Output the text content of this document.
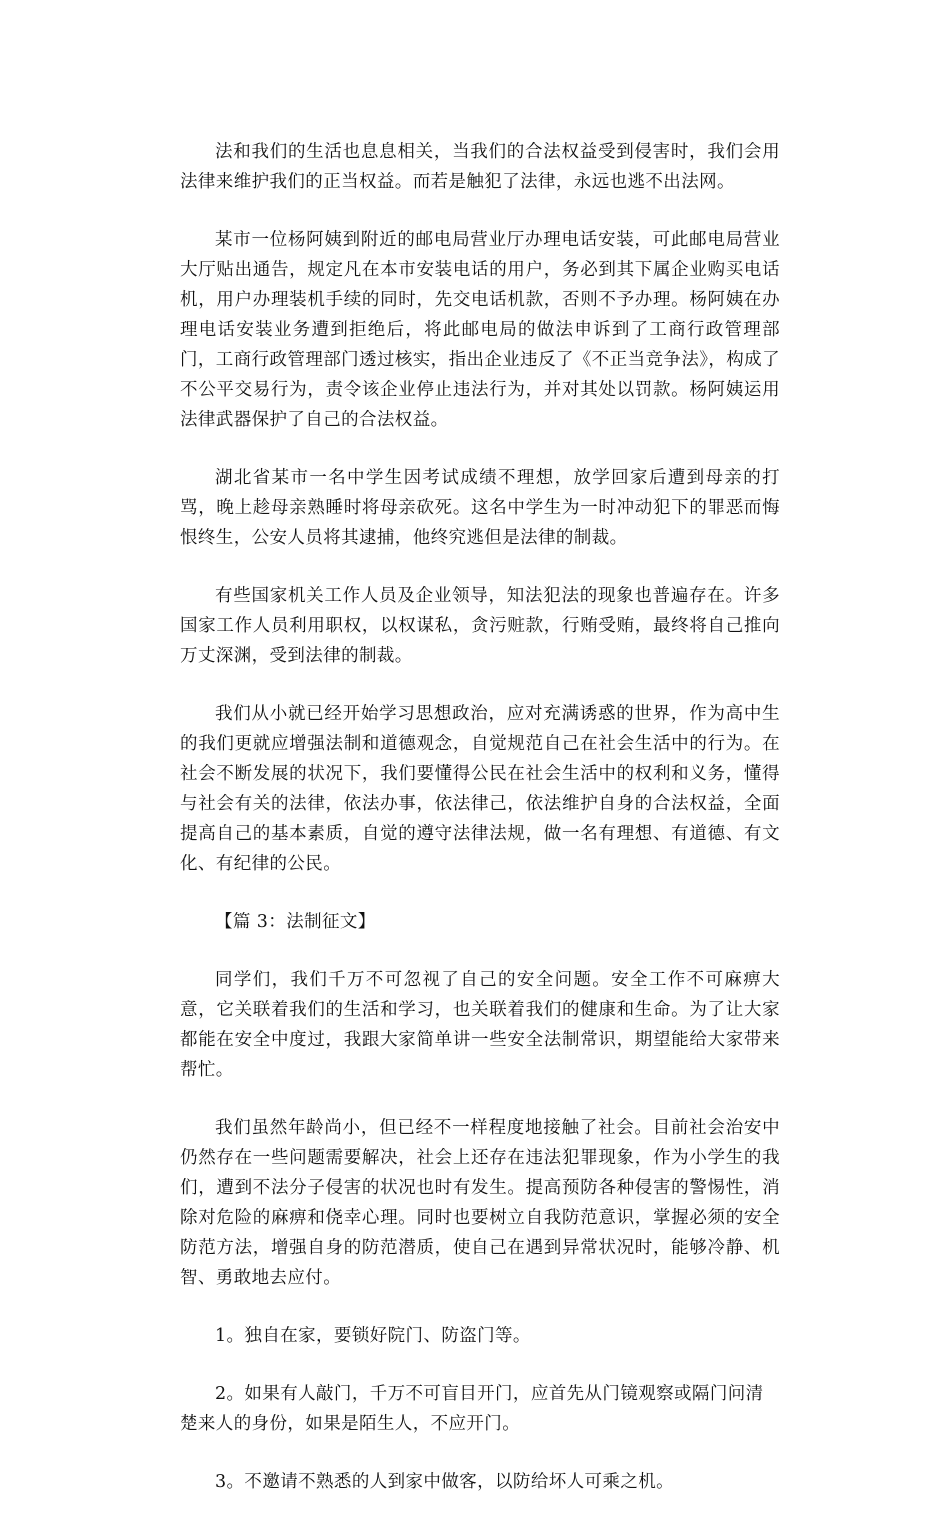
法和我们的生活也息息相关，当我们的合法权益受到侵害时，我们会用法律来维护我们的正当权益。而若是触犯了法律，永远也逃不出法网。

某市一位杨阿姨到附近的邮电局营业厅办理电话安装，可此邮电局营业大厅贴出通告，规定凡在本市安装电话的用户，务必到其下属企业购买电话机，用户办理装机手续的同时，先交电话机款，否则不予办理。杨阿姨在办理电话安装业务遭到拒绝后，将此邮电局的做法申诉到了工商行政管理部门，工商行政管理部门透过核实，指出企业违反了《不正当竞争法》，构成了不公平交易行为，责令该企业停止违法行为，并对其处以罚款。杨阿姨运用法律武器保护了自己的合法权益。

湖北省某市一名中学生因考试成绩不理想，放学回家后遭到母亲的打骂，晚上趁母亲熟睡时将母亲砍死。这名中学生为一时冲动犯下的罪恶而悔恨终生，公安人员将其逮捕，他终究逃但是法律的制裁。

有些国家机关工作人员及企业领导，知法犯法的现象也普遍存在。许多国家工作人员利用职权，以权谋私，贪污赃款，行贿受贿，最终将自己推向万丈深渊，受到法律的制裁。

我们从小就已经开始学习思想政治，应对充满诱惑的世界，作为高中生的我们更就应增强法制和道德观念，自觉规范自己在社会生活中的行为。在社会不断发展的状况下，我们要懂得公民在社会生活中的权利和义务，懂得与社会有关的法律，依法办事，依法律己，依法维护自身的合法权益，全面提高自己的基本素质，自觉的遵守法律法规，做一名有理想、有道德、有文化、有纪律的公民。

【篇 3：法制征文】

同学们，我们千万不可忽视了自己的安全问题。安全工作不可麻痹大意，它关联着我们的生活和学习，也关联着我们的健康和生命。为了让大家都能在安全中度过，我跟大家简单讲一些安全法制常识，期望能给大家带来帮忙。

我们虽然年龄尚小，但已经不一样程度地接触了社会。目前社会治安中仍然存在一些问题需要解决，社会上还存在违法犯罪现象，作为小学生的我们，遭到不法分子侵害的状况也时有发生。提高预防各种侵害的警惕性，消除对危险的麻痹和侥幸心理。同时也要树立自我防范意识，掌握必须的安全防范方法，增强自身的防范潜质，使自己在遇到异常状况时，能够冷静、机智、勇敢地去应付。

1。独自在家，要锁好院门、防盗门等。

2。如果有人敲门，千万不可盲目开门，应首先从门镜观察或隔门问清楚来人的身份，如果是陌生人，不应开门。

3。不邀请不熟悉的人到家中做客，以防给坏人可乘之机。
